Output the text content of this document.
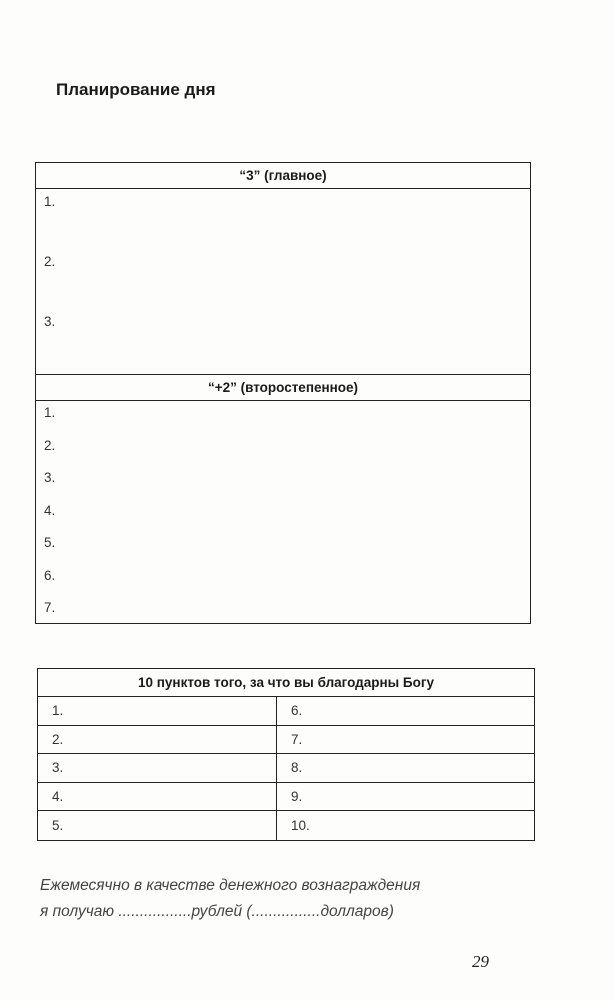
Планирование дня
“3” (главное)
1.
2.
3.
“+2” (второстепенное)
1.
2.
3.
4.
5.
6.
7.
10 пунктов того, за что вы благодарны Богу
1.	6.
2.	7.
3.	8.
4.	9.
5.	10.
Ежемесячно в качестве денежного вознаграждения
я получаю .................рублей (................долларов)
29
